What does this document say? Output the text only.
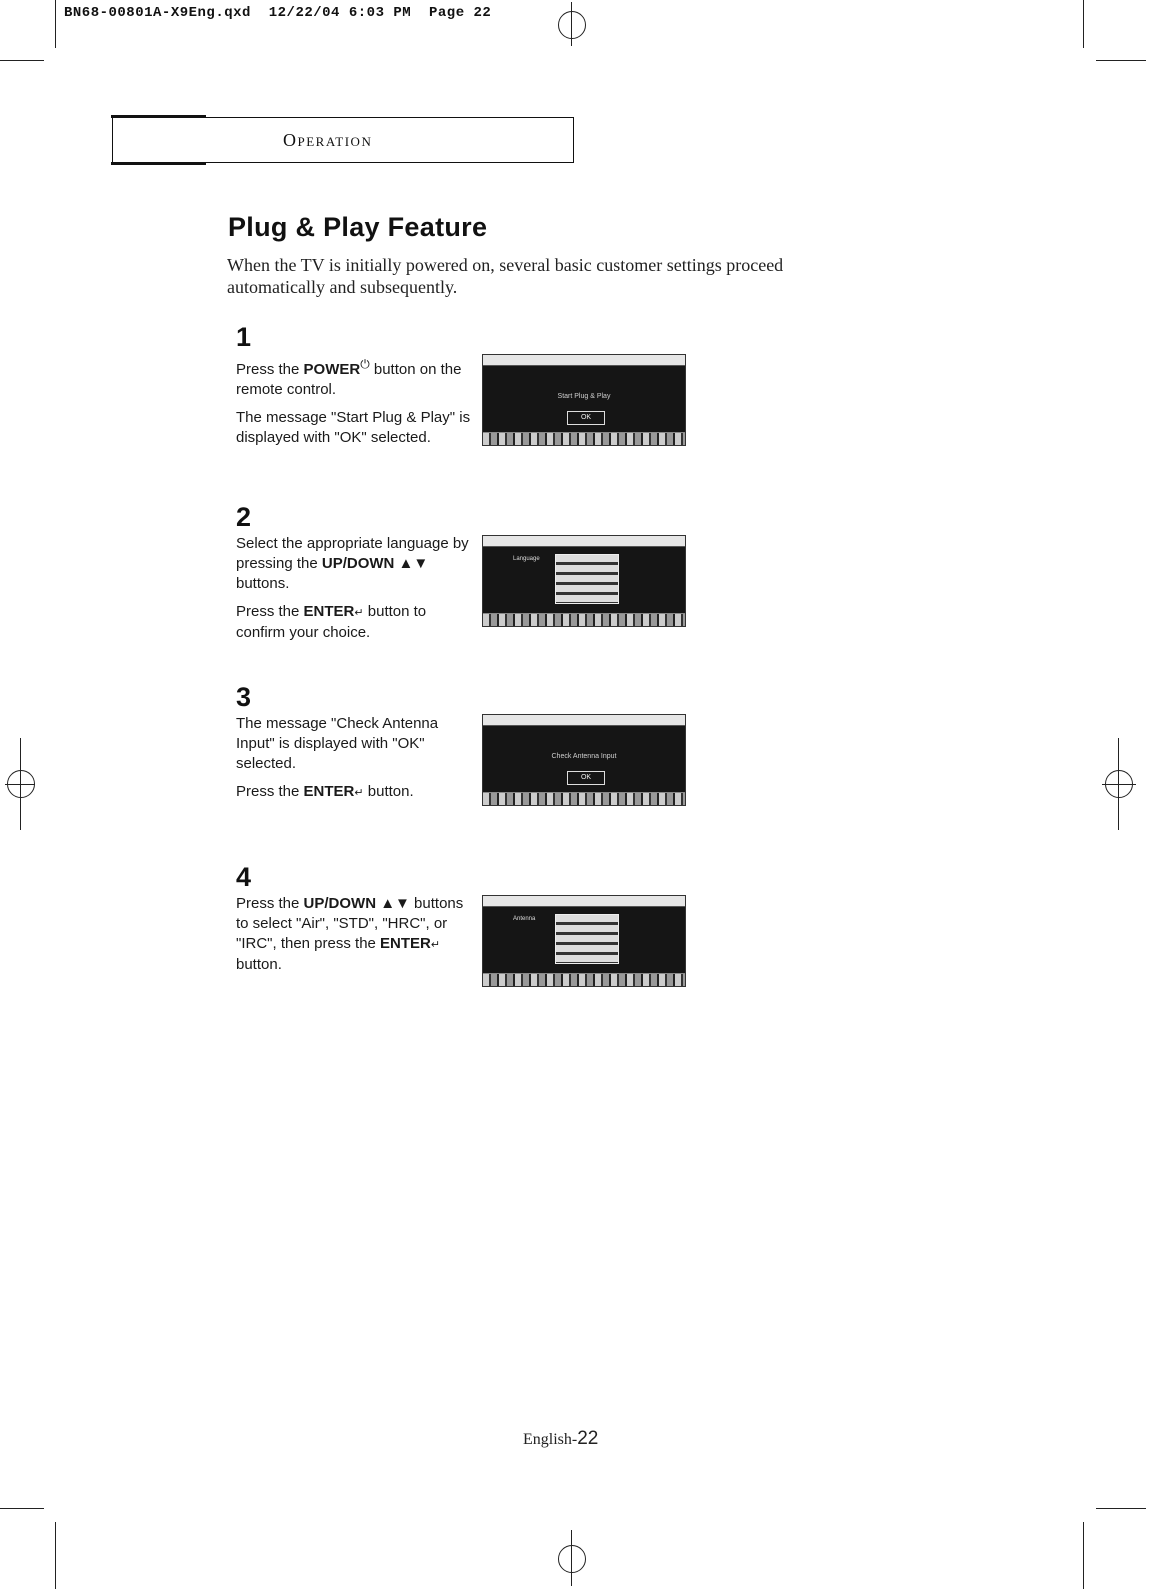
BN68-00801A-X9Eng.qxd 12/22/04 6:03 PM Page 22
Operation
Plug & Play Feature
When the TV is initially powered on, several basic customer settings proceed automatically and subsequently.
1

Press the POWER⏻ button on the remote control.

The message "Start Plug & Play" is displayed with "OK" selected.

Start Plug & Play
OK
2

Select the appropriate language by pressing the UP/DOWN ▲▼ buttons.

Press the ENTER↵ button to confirm your choice.

Language
3

The message "Check Antenna Input" is displayed with "OK" selected.

Press the ENTER↵ button.

Check Antenna Input
OK
4

Press the UP/DOWN ▲▼ buttons to select "Air", "STD", "HRC", or "IRC", then press the ENTER↵ button.

Antenna
English-22
